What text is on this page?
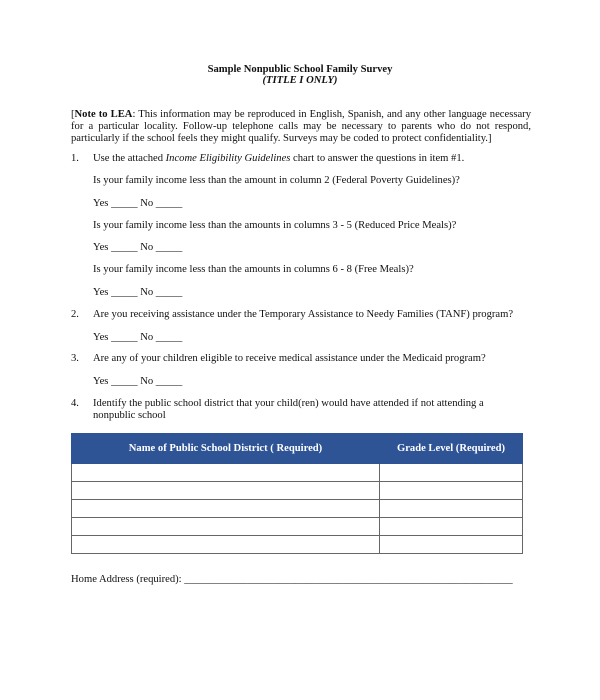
Sample Nonpublic School Family Survey
(TITLE I ONLY)
[Note to LEA: This information may be reproduced in English, Spanish, and any other language necessary for a particular locality. Follow-up telephone calls may be necessary to parents who do not respond, particularly if the school feels they might qualify. Surveys may be coded to protect confidentiality.]
1. Use the attached Income Eligibility Guidelines chart to answer the questions in item #1.
Is your family income less than the amount in column 2 (Federal Poverty Guidelines)?
Yes _____ No _____
Is your family income less than the amounts in columns 3 - 5 (Reduced Price Meals)?
Yes _____ No _____
Is your family income less than the amounts in columns 6 - 8 (Free Meals)?
Yes _____ No _____
2. Are you receiving assistance under the Temporary Assistance to Needy Families (TANF) program?
Yes _____ No _____
3. Are any of your children eligible to receive medical assistance under the Medicaid program?
Yes _____ No _____
4. Identify the public school district that your child(ren) would have attended if not attending a
nonpublic school
Name of Public School District ( Required)	Grade Level (Required)

Home Address (required): ______________________________________________________________
